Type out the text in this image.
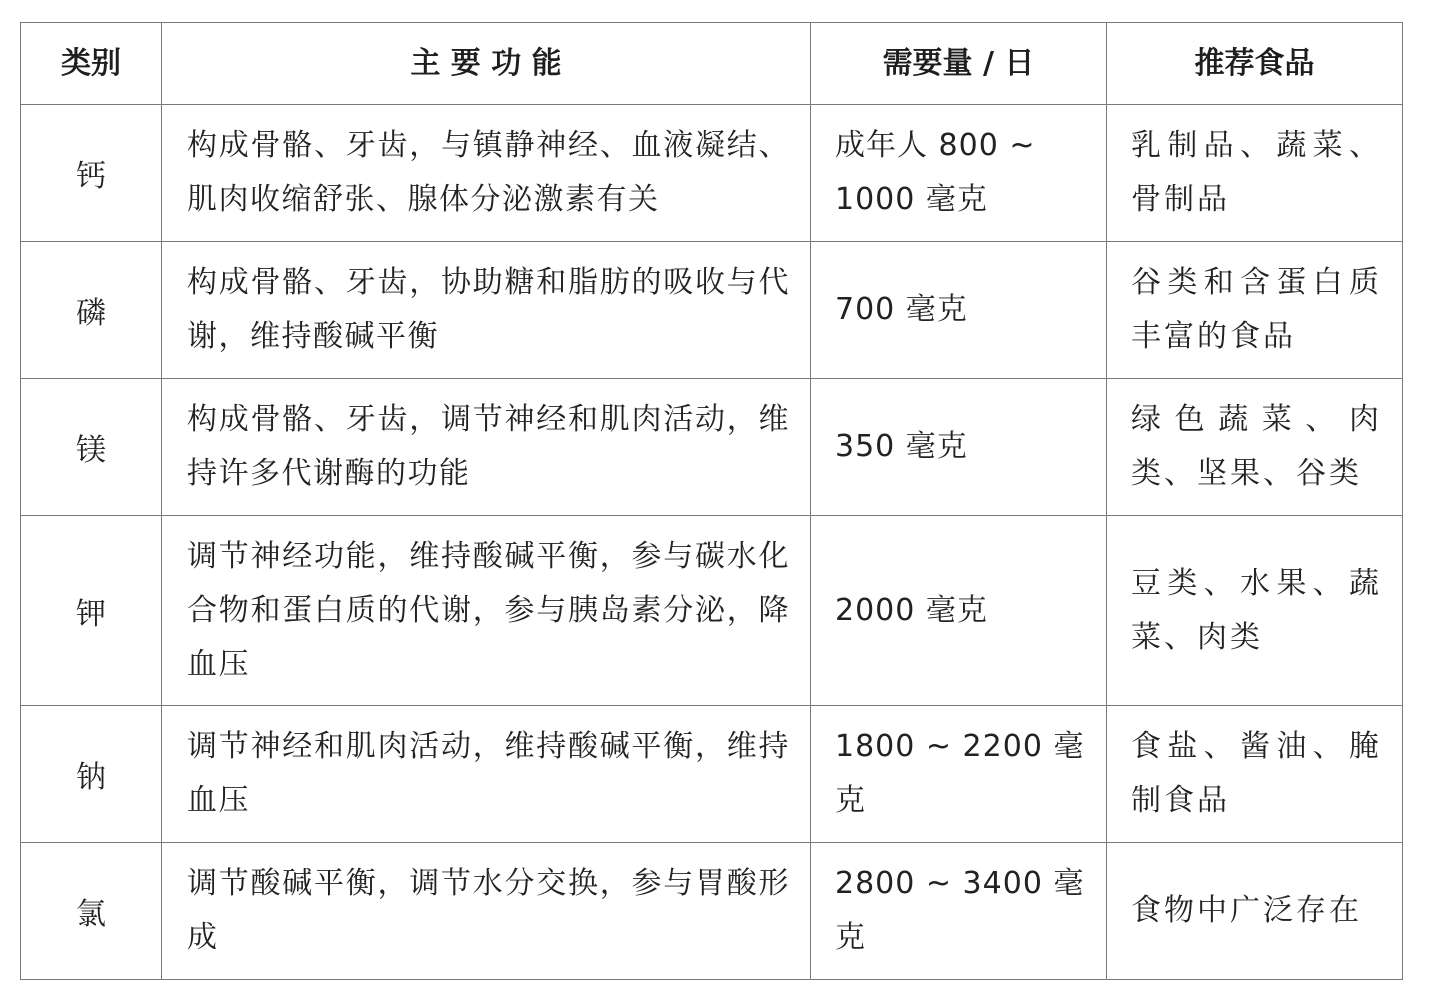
类别	主 要 功 能	需要量 / 日	推荐食品
钙	构成骨骼、牙齿，与镇静神经、血液凝结、肌肉收缩舒张、腺体分泌激素有关	成年人 800 ~ 1000 毫克	乳制品、蔬菜、骨制品
磷	构成骨骼、牙齿，协助糖和脂肪的吸收与代谢，维持酸碱平衡	700 毫克	谷类和含蛋白质丰富的食品
镁	构成骨骼、牙齿，调节神经和肌肉活动，维持许多代谢酶的功能	350 毫克	绿色蔬菜、肉类、坚果、谷类
钾	调节神经功能，维持酸碱平衡，参与碳水化合物和蛋白质的代谢，参与胰岛素分泌，降血压	2000 毫克	豆类、水果、蔬菜、肉类
钠	调节神经和肌肉活动，维持酸碱平衡，维持血压	1800 ~ 2200 毫克	食盐、酱油、腌制食品
氯	调节酸碱平衡，调节水分交换，参与胃酸形成	2800 ~ 3400 毫克	食物中广泛存在
